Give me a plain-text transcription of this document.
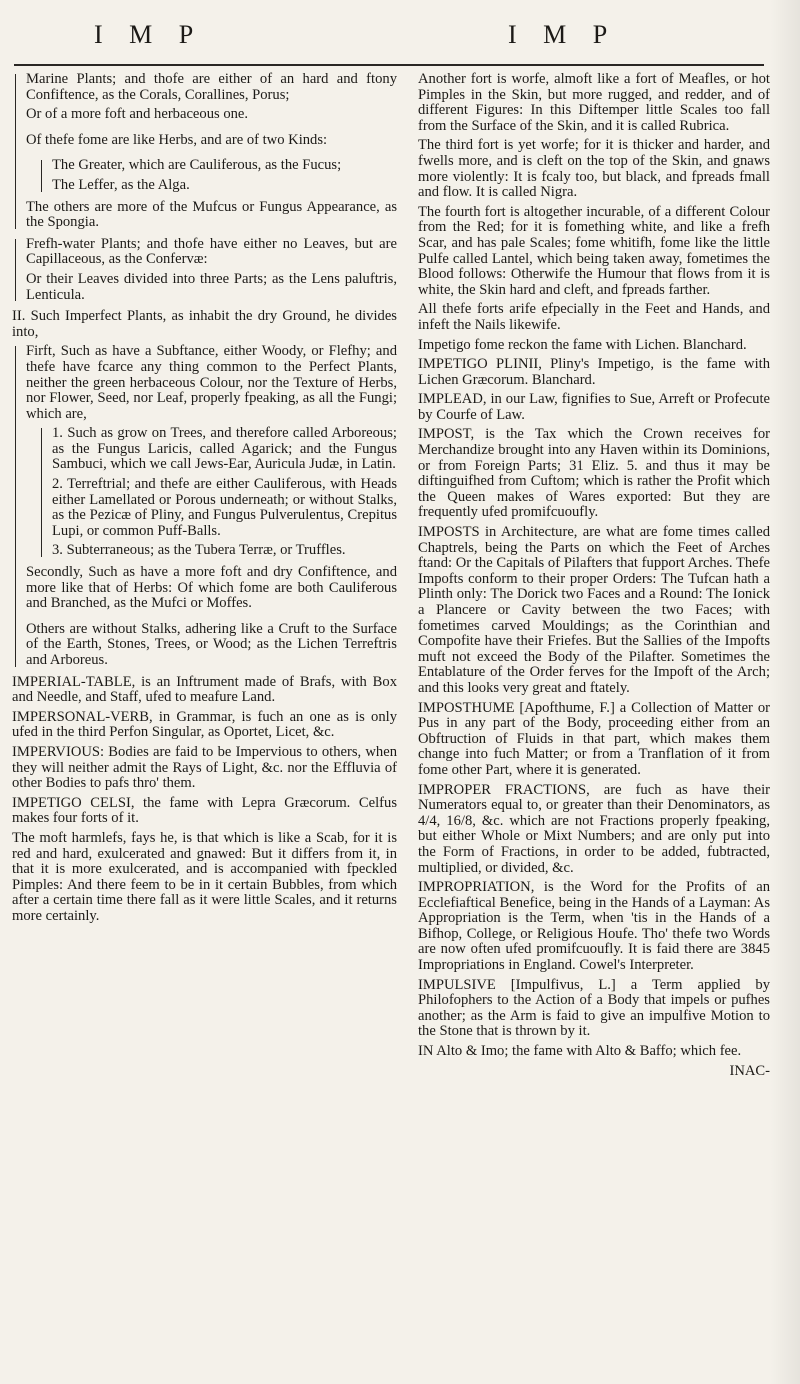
I M P	I M P

Marine Plants; and thofe are either of an hard and ftony Confiftence, as the Corals, Corallines, Porus;

Or of a more foft and herbaceous one.

Of thefe fome are like Herbs, and are of two Kinds:

The Greater, which are Cauliferous, as the Fucus;

The Leffer, as the Alga.

The others are more of the Mufcus or Fungus Appearance, as the Spongia.

Frefh-water Plants; and thofe have either no Leaves, but are Capillaceous, as the Confervæ:

Or their Leaves divided into three Parts; as the Lens paluftris, Lenticula.

II. Such Imperfect Plants, as inhabit the dry Ground, he divides into,

Firft, Such as have a Subftance, either Woody, or Flefhy; and thefe have fcarce any thing common to the Perfect Plants, neither the green herbaceous Colour, nor the Texture of Herbs, nor Flower, Seed, nor Leaf, properly fpeaking, as all the Fungi; which are,

1. Such as grow on Trees, and therefore called Arboreous; as the Fungus Laricis, called Agarick; and the Fungus Sambuci, which we call Jews-Ear, Auricula Judæ, in Latin.

2. Terreftrial; and thefe are either Cauliferous, with Heads either Lamellated or Porous underneath; or without Stalks, as the Pezicæ of Pliny, and Fungus Pulverulentus, Crepitus Lupi, or common Puff-Balls.

3. Subterraneous; as the Tubera Terræ, or Truffles.

Secondly, Such as have a more foft and dry Confiftence, and more like that of Herbs: Of which fome are both Cauliferous and Branched, as the Mufci or Moffes.

Others are without Stalks, adhering like a Cruft to the Surface of the Earth, Stones, Trees, or Wood; as the Lichen Terreftris and Arboreus.

IMPERIAL-TABLE, is an Inftrument made of Brafs, with Box and Needle, and Staff, ufed to meafure Land.

IMPERSONAL-VERB, in Grammar, is fuch an one as is only ufed in the third Perfon Singular, as Oportet, Licet, &c.

IMPERVIOUS: Bodies are faid to be Impervious to others, when they will neither admit the Rays of Light, &c. nor the Effluvia of other Bodies to pafs thro' them.

IMPETIGO CELSI, the fame with Lepra Græcorum. Celfus makes four forts of it.

The moft harmlefs, fays he, is that which is like a Scab, for it is red and hard, exulcerated and gnawed: But it differs from it, in that it is more exulcerated, and is accompanied with fpeckled Pimples: And there feem to be in it certain Bubbles, from which after a certain time there fall as it were little Scales, and it returns more certainly.

Another fort is worfe, almoft like a fort of Meafles, or hot Pimples in the Skin, but more rugged, and redder, and of different Figures: In this Diftemper little Scales too fall from the Surface of the Skin, and it is called Rubrica.

The third fort is yet worfe; for it is thicker and harder, and fwells more, and is cleft on the top of the Skin, and gnaws more violently: It is fcaly too, but black, and fpreads fmall and flow. It is called Nigra.

The fourth fort is altogether incurable, of a different Colour from the Red; for it is fomething white, and like a frefh Scar, and has pale Scales; fome whitifh, fome like the little Pulfe called Lantel, which being taken away, fometimes the Blood follows: Otherwife the Humour that flows from it is white, the Skin hard and cleft, and fpreads farther.

All thefe forts arife efpecially in the Feet and Hands, and infeft the Nails likewife.

Impetigo fome reckon the fame with Lichen. Blanchard.

IMPETIGO PLINII, Pliny's Impetigo, is the fame with Lichen Græcorum. Blanchard.

IMPLEAD, in our Law, fignifies to Sue, Arreft or Profecute by Courfe of Law.

IMPOST, is the Tax which the Crown receives for Merchandize brought into any Haven within its Dominions, or from Foreign Parts; 31 Eliz. 5. and thus it may be diftinguifhed from Cuftom; which is rather the Profit which the Queen makes of Wares exported: But they are frequently ufed promifcuoufly.

IMPOSTS in Architecture, are what are fome times called Chaptrels, being the Parts on which the Feet of Arches ftand: Or the Capitals of Pilafters that fupport Arches. Thefe Impofts conform to their proper Orders: The Tufcan hath a Plinth only: The Dorick two Faces and a Round: The Ionick a Plancere or Cavity between the two Faces; with fometimes carved Mouldings; as the Corinthian and Compofite have their Friefes. But the Sallies of the Impofts muft not exceed the Body of the Pilafter. Sometimes the Entablature of the Order ferves for the Impoft of the Arch; and this looks very great and ftately.

IMPOSTHUME [Apofthume, F.] a Collection of Matter or Pus in any part of the Body, proceeding either from an Obftruction of Fluids in that part, which makes them change into fuch Matter; or from a Tranflation of it from fome other Part, where it is generated.

IMPROPER FRACTIONS, are fuch as have their Numerators equal to, or greater than their Denominators, as 4/4, 16/8, &c. which are not Fractions properly fpeaking, but either Whole or Mixt Numbers; and are only put into the Form of Fractions, in order to be added, fubtracted, multiplied, or divided, &c.

IMPROPRIATION, is the Word for the Profits of an Ecclefiaftical Benefice, being in the Hands of a Layman: As Appropriation is the Term, when 'tis in the Hands of a Bifhop, College, or Religious Houfe. Tho' thefe two Words are now often ufed promifcuoufly. It is faid there are 3845 Impropriations in England. Cowel's Interpreter.

IMPULSIVE [Impulfivus, L.] a Term applied by Philofophers to the Action of a Body that impels or pufhes another; as the Arm is faid to give an impulfive Motion to the Stone that is thrown by it.

IN Alto & Imo; the fame with Alto & Baffo; which fee.

INAC-
